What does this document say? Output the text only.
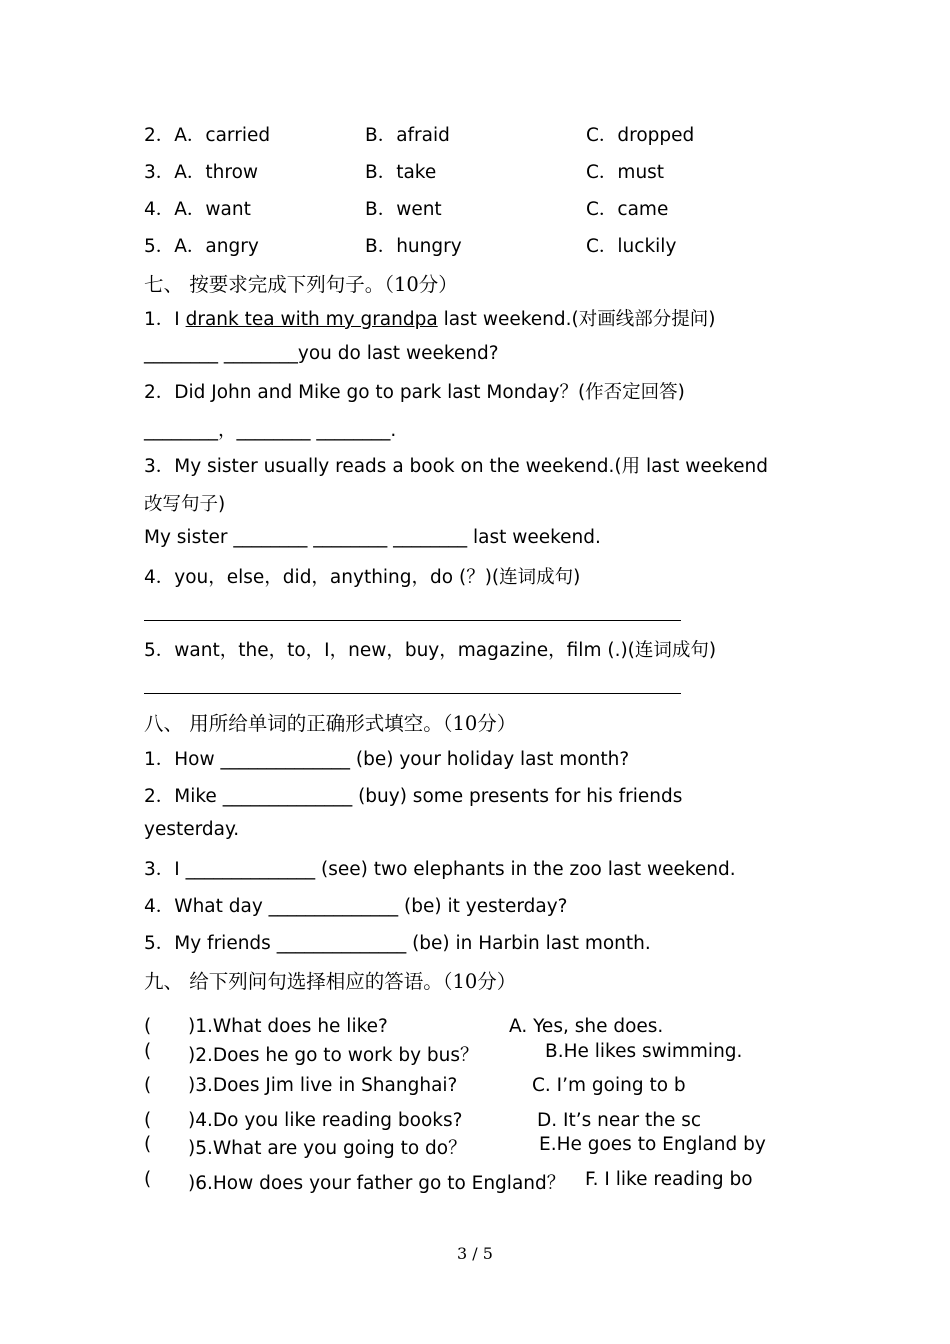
2．A．carried	B．afraid	C．dropped
3．A．throw	B．take	C．must
4．A．want	B．went	C．came
5．A．angry	B．hungry	C．luckily
七、 按要求完成下列句子。（10分）
1．I drank tea with my grandpa last weekend.(对画线部分提问)
________ ________you do last weekend?
2．Did John and Mike go to park last Monday？(作否定回答)
________，________ ________.
3．My sister usually reads a book on the weekend.(用 last weekend
改写句子)
My sister ________ ________ ________ last weekend.
4．you，else，did，anything，do (？)(连词成句)
5．want，the，to，I，new，buy，magazine，film (.)(连词成句)
八、 用所给单词的正确形式填空。（10分）
1．How ______________ (be) your holiday last month?
2．Mike ______________ (buy) some presents for his friends
yesterday.
3．I ______________ (see) two elephants in the zoo last weekend.
4．What day ______________ (be) it yesterday?
5．My friends ______________ (be) in Harbin last month.
九、 给下列问句选择相应的答语。（10分）
( )1.What does he like?	A. Yes, she does.
( )2.Does he go to work by bus？	B.He likes swimming.
( )3.Does Jim live in Shanghai?	C. I’m going to b
( )4.Do you like reading books?	D. It’s near the sc
( )5.What are you going to do？	E.He goes to England by
( )6.How does your father go to England？ F. I like reading bo
3 / 5
